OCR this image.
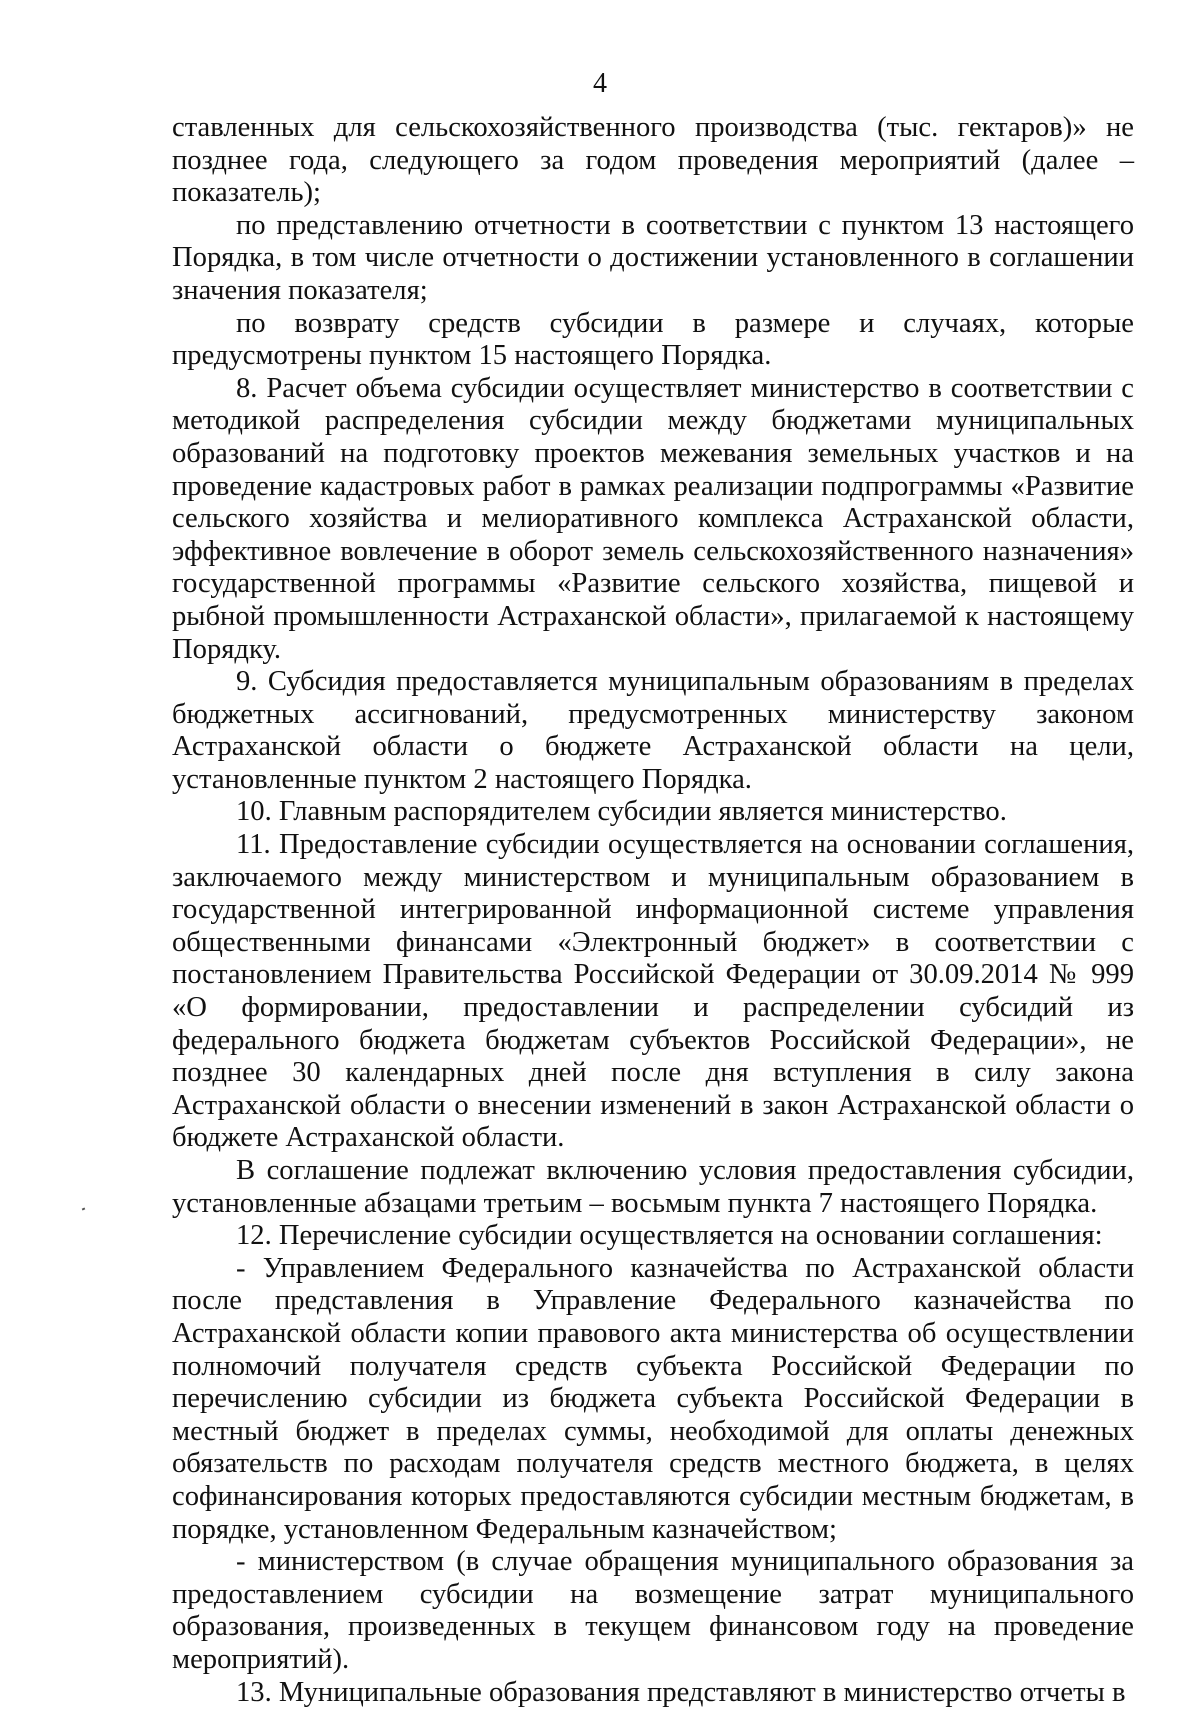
4

ставленных для сельскохозяйственного производства (тыс. гектаров)» не позднее года, следующего за годом проведения мероприятий (далее – показатель);

по представлению отчетности в соответствии с пунктом 13 настоящего Порядка, в том числе отчетности о достижении установленного в соглашении значения показателя;

по возврату средств субсидии в размере и случаях, которые предусмотрены пунктом 15 настоящего Порядка.

8. Расчет объема субсидии осуществляет министерство в соответствии с методикой распределения субсидии между бюджетами муниципальных образований на подготовку проектов межевания земельных участков и на проведение кадастровых работ в рамках реализации подпрограммы «Развитие сельского хозяйства и мелиоративного комплекса Астраханской области, эффективное вовлечение в оборот земель сельскохозяйственного назначения» государственной программы «Развитие сельского хозяйства, пищевой и рыбной промышленности Астраханской области», прилагаемой к настоящему Порядку.

9. Субсидия предоставляется муниципальным образованиям в пределах бюджетных ассигнований, предусмотренных министерству законом Астраханской области о бюджете Астраханской области на цели, установленные пунктом 2 настоящего Порядка.

10. Главным распорядителем субсидии является министерство.

11. Предоставление субсидии осуществляется на основании соглашения, заключаемого между министерством и муниципальным образованием в государственной интегрированной информационной системе управления общественными финансами «Электронный бюджет» в соответствии с постановлением Правительства Российской Федерации от 30.09.2014 № 999 «О формировании, предоставлении и распределении субсидий из федерального бюджета бюджетам субъектов Российской Федерации», не позднее 30 календарных дней после дня вступления в силу закона Астраханской области о внесении изменений в закон Астраханской области о бюджете Астраханской области.

В соглашение подлежат включению условия предоставления субсидии, установленные абзацами третьим – восьмым пункта 7 настоящего Порядка.

12. Перечисление субсидии осуществляется на основании соглашения:

- Управлением Федерального казначейства по Астраханской области после представления в Управление Федерального казначейства по Астраханской области копии правового акта министерства об осуществлении полномочий получателя средств субъекта Российской Федерации по перечислению субсидии из бюджета субъекта Российской Федерации в местный бюджет в пределах суммы, необходимой для оплаты денежных обязательств по расходам получателя средств местного бюджета, в целях софинансирования которых предоставляются субсидии местным бюджетам, в порядке, установленном Федеральным казначейством;

- министерством (в случае обращения муниципального образования за предоставлением субсидии на возмещение затрат муниципального образования, произведенных в текущем финансовом году на проведение мероприятий).

13. Муниципальные образования представляют в министерство отчеты в
